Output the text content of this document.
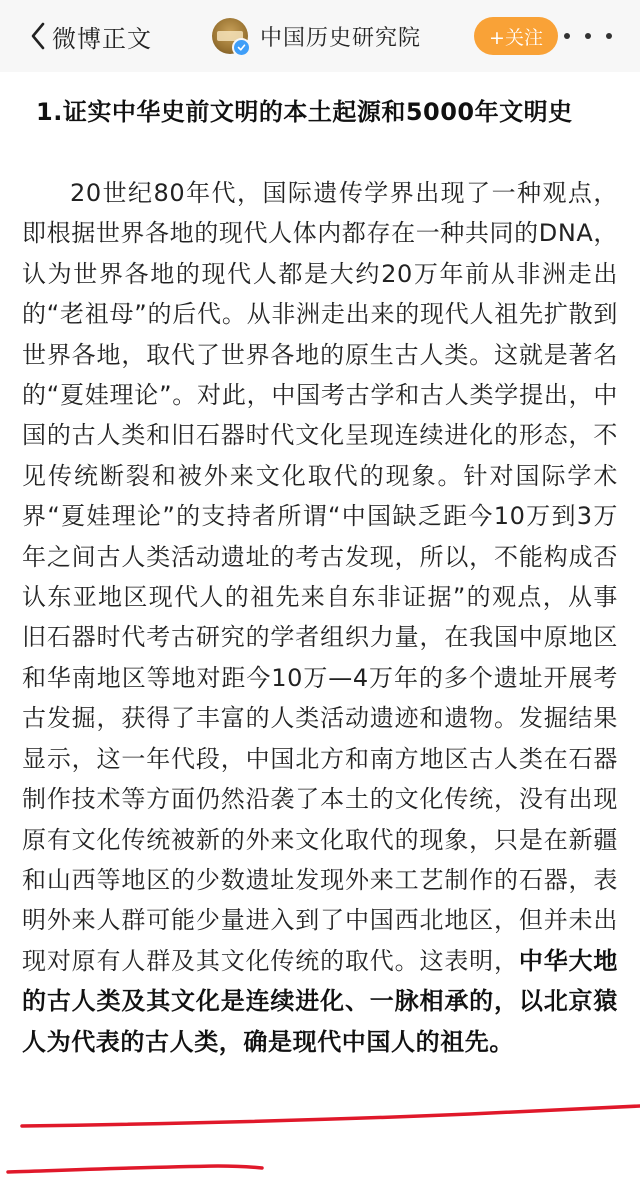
微博正文	中国历史研究院	+关注
1.证实中华史前文明的本土起源和5000年文明史
20世纪80年代，国际遗传学界出现了一种观点，即根据世界各地的现代人体内都存在一种共同的DNA，认为世界各地的现代人都是大约20万年前从非洲走出的“老祖母”的后代。从非洲走出来的现代人祖先扩散到世界各地，取代了世界各地的原生古人类。这就是著名的“夏娃理论”。对此，中国考古学和古人类学提出，中国的古人类和旧石器时代文化呈现连续进化的形态，不见传统断裂和被外来文化取代的现象。针对国际学术界“夏娃理论”的支持者所谓“中国缺乏距今10万到3万年之间古人类活动遗址的考古发现，所以，不能构成否认东亚地区现代人的祖先来自东非证据”的观点，从事旧石器时代考古研究的学者组织力量，在我国中原地区和华南地区等地对距今10万—4万年的多个遗址开展考古发掘，获得了丰富的人类活动遗迹和遗物。发掘结果显示，这一年代段，中国北方和南方地区古人类在石器制作技术等方面仍然沿袭了本土的文化传统，没有出现原有文化传统被新的外来文化取代的现象，只是在新疆和山西等地区的少数遗址发现外来工艺制作的石器，表明外来人群可能少量进入到了中国西北地区，但并未出现对原有人群及其文化传统的取代。这表明，中华大地的古人类及其文化是连续进化、一脉相承的，以北京猿人为代表的古人类，确是现代中国人的祖先。
